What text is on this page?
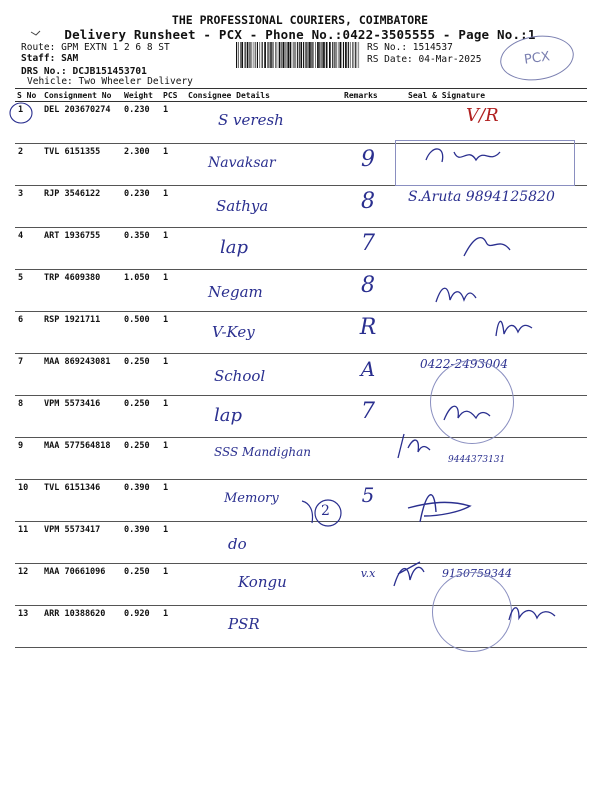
THE PROFESSIONAL COURIERS, COIMBATORE
Delivery Runsheet - PCX - Phone No.:0422-3505555 - Page No.:1
Route: GPM EXTN 1 2 6 8 ST
Staff: SAM
DRS No.: DCJB151453701
Vehicle: Two Wheeler Delivery
RS No.: 1514537
RS Date: 04-Mar-2025	PCX
S No	Consignment No	Weight	PCS	Consignee Details	Remarks	Seal & Signature
1	DEL 203670274	0.230	1	S veresh		V/R
2	TVL 6151355	2.300	1	Navaksar	9	
3	RJP 3546122	0.230	1	Sathya	8	S.Aruta 9894125820
4	ART 1936755	0.350	1	lap	7	
5	TRP 4609380	1.050	1	Negam	8	
6	RSP 1921711	0.500	1	V-Key	R	
7	MAA 869243081	0.250	1	School	A	0422-2493004
8	VPM 5573416	0.250	1	lap	7	
9	MAA 577564818	0.250	1	SSS Mandighan		9444373131
10	TVL 6151346	0.390	1	Memory	5	
11	VPM 5573417	0.390	1	do		
12	MAA 70661096	0.250	1	Kongu	v.x	9150759344
13	ARR 10388620	0.920	1	PSR		
2
